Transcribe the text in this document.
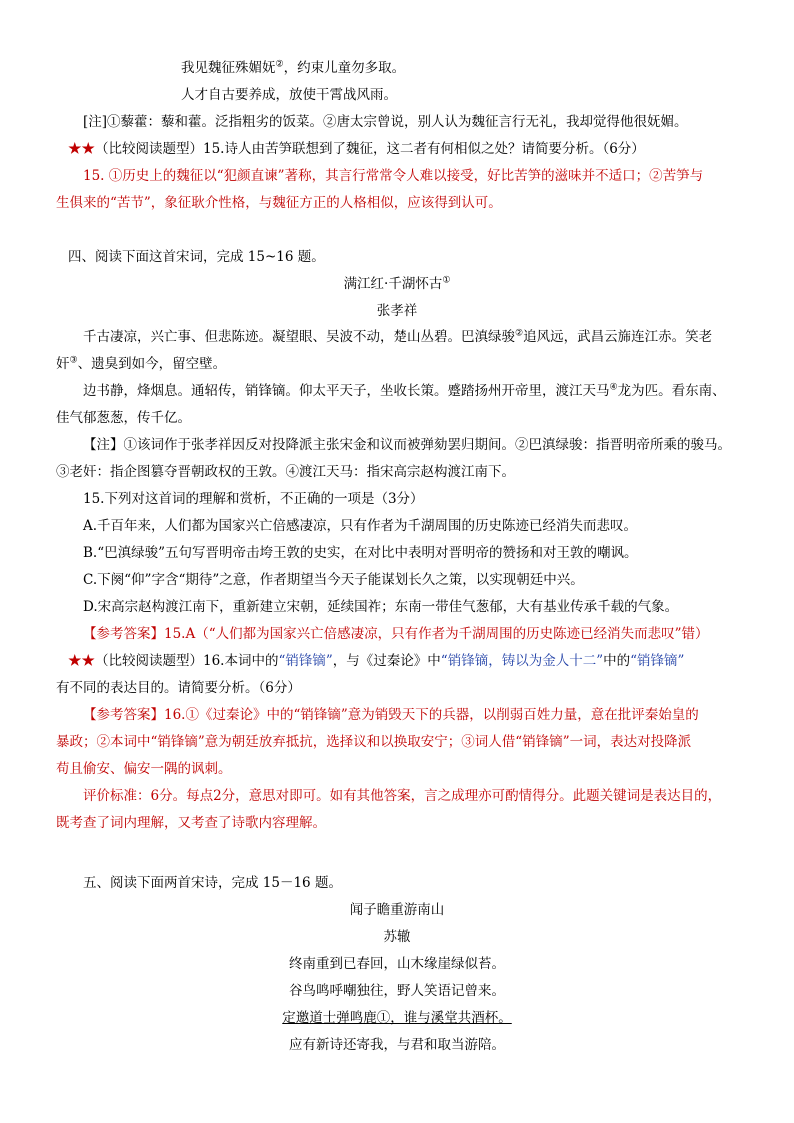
我见魏征殊媚妩②，约束儿童勿多取。
人才自古要养成，放使干霄战风雨。
[注]①藜藿：藜和藿。泛指粗劣的饭菜。②唐太宗曾说，别人认为魏征言行无礼，我却觉得他很妩媚。
★★（比较阅读题型）15.诗人由苦笋联想到了魏征，这二者有何相似之处？请简要分析。（6分）
15. ①历史上的魏征以“犯颜直谏”著称，其言行常常令人难以接受，好比苦笋的滋味并不适口；②苦笋与
生俱来的“苦节”，象征耿介性格，与魏征方正的人格相似，应该得到认可。
四、阅读下面这首宋词，完成 15~16 题。
满江红·千湖怀古①
张孝祥
千古凄凉，兴亡事、但悲陈迹。凝望眼、吴波不动，楚山丛碧。巴滇绿骏②追风远，武昌云旆连江赤。笑老
奸③、遗臭到如今，留空壁。
边书静，烽烟息。通轺传，销锋镝。仰太平天子，坐收长策。蹙踏扬州开帝里，渡江天马④龙为匹。看东南、
佳气郁葱葱，传千亿。
【注】①该词作于张孝祥因反对投降派主张宋金和议而被弹劾罢归期间。②巴滇绿骏：指晋明帝所乘的骏马。
③老奸：指企图篡夺晋朝政权的王敦。④渡江天马：指宋高宗赵构渡江南下。
15.下列对这首词的理解和赏析，不正确的一项是（3分）
A.千百年来，人们都为国家兴亡倍感凄凉，只有作者为千湖周围的历史陈迹已经消失而悲叹。
B.“巴滇绿骏”五句写晋明帝击垮王敦的史实，在对比中表明对晋明帝的赞扬和对王敦的嘲讽。
C.下阕“仰”字含“期待”之意，作者期望当今天子能谋划长久之策，以实现朝廷中兴。
D.宋高宗赵构渡江南下，重新建立宋朝，延续国祚；东南一带佳气葱郁，大有基业传承千载的气象。
【参考答案】15.A（“人们都为国家兴亡倍感凄凉，只有作者为千湖周围的历史陈迹已经消失而悲叹”错）
★★（比较阅读题型）16.本词中的“销锋镝”，与《过秦论》中“销锋镝，铸以为金人十二”中的“销锋镝”
有不同的表达目的。请简要分析。（6分）
【参考答案】16.①《过秦论》中的“销锋镝”意为销毁天下的兵器，以削弱百姓力量，意在批评秦始皇的
暴政；②本词中“销锋镝”意为朝廷放弃抵抗，选择议和以换取安宁；③词人借“销锋镝”一词，表达对投降派
苟且偷安、偏安一隅的讽刺。
评价标准：6分。每点2分，意思对即可。如有其他答案，言之成理亦可酌情得分。此题关键词是表达目的，
既考查了词内理解，又考查了诗歌内容理解。
五、阅读下面两首宋诗，完成 15－16 题。
闻子瞻重游南山
苏辙
终南重到已春回，山木缘崖绿似苔。
谷鸟鸣呼嘲独往，野人笑语记曾来。
定邀道士弹鸣鹿①，谁与溪堂共酒杯。
应有新诗还寄我，与君和取当游陪。
